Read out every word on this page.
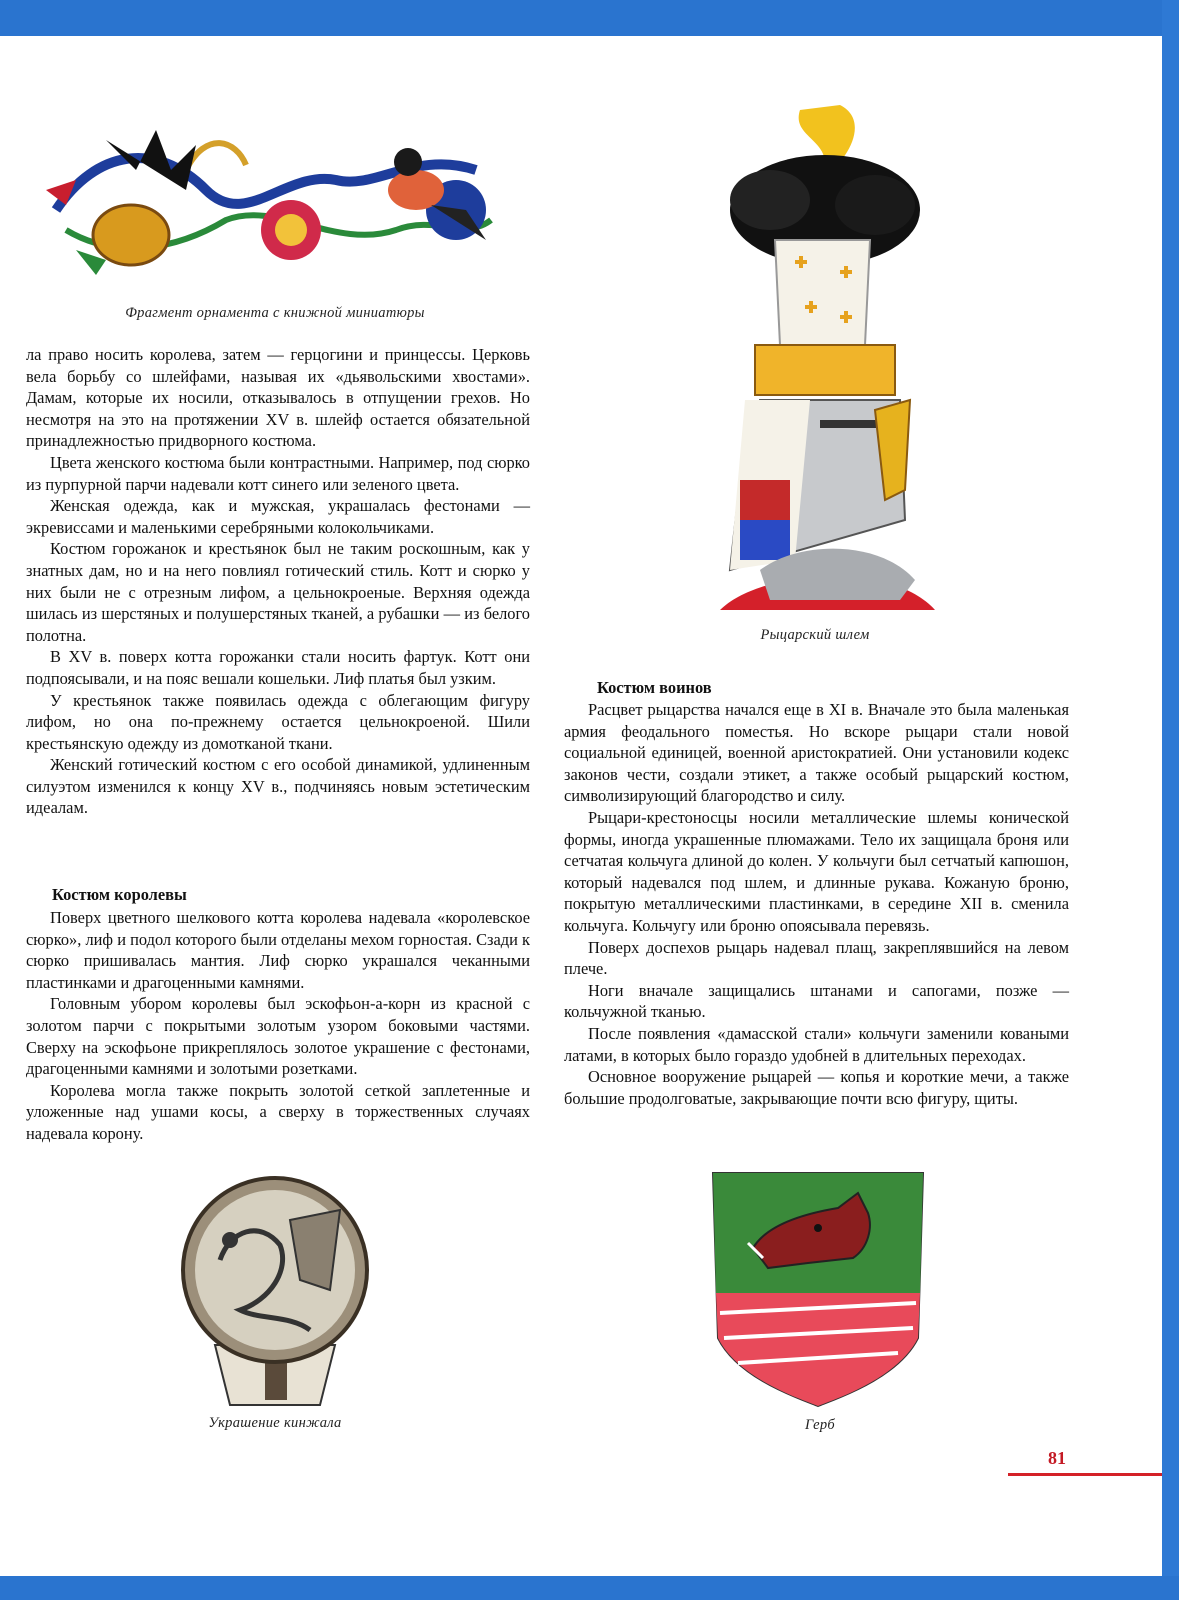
Фрагмент орнамента с книжной миниатюры
Рыцарский шлем

ла право носить королева, затем — герцогини и принцессы. Церковь вела борьбу со шлейфами, называя их «дьявольскими хвостами». Дамам, которые их носили, отказывалось в отпущении грехов. Но несмотря на это на протяжении XV в. шлейф остается обязательной принадлежностью придворного костюма.

Цвета женского костюма были контрастными. Например, под сюрко из пурпурной парчи надевали котт синего или зеленого цвета.

Женская одежда, как и мужская, украшалась фестонами — экревиссами и маленькими серебряными колокольчиками.

Костюм горожанок и крестьянок был не таким роскошным, как у знатных дам, но и на него повлиял готический стиль. Котт и сюрко у них были не с отрезным лифом, а цельнокроеные. Верхняя одежда шилась из шерстяных и полушерстяных тканей, а рубашки — из белого полотна.

В XV в. поверх котта горожанки стали носить фартук. Котт они подпоясывали, и на пояс вешали кошельки. Лиф платья был узким.

У крестьянок также появилась одежда с облегающим фигуру лифом, но она по-прежнему остается цельнокроеной. Шили крестьянскую одежду из домотканой ткани.

Женский готический костюм с его особой динамикой, удлиненным силуэтом изменился к концу XV в., подчиняясь новым эстетическим идеалам.

Костюм королевы

Поверх цветного шелкового котта королева надевала «королевское сюрко», лиф и подол которого были отделаны мехом горностая. Сзади к сюрко пришивалась мантия. Лиф сюрко украшался чеканными пластинками и драгоценными камнями.

Головным убором королевы был эскофьон-а-корн из красной с золотом парчи с покрытыми золотым узором боковыми частями. Сверху на эскофьоне прикреплялось золотое украшение с фестонами, драгоценными камнями и золотыми розетками.

Королева могла также покрыть золотой сеткой заплетенные и уложенные над ушами косы, а сверху в торжественных случаях надевала корону.

Костюм воинов

Расцвет рыцарства начался еще в XI в. Вначале это была маленькая армия феодального поместья. Но вскоре рыцари стали новой социальной единицей, военной аристократией. Они установили кодекс законов чести, создали этикет, а также особый рыцарский костюм, символизирующий благородство и силу.

Рыцари-крестоносцы носили металлические шлемы конической формы, иногда украшенные плюмажами. Тело их защищала броня или сетчатая кольчуга длиной до колен. У кольчуги был сетчатый капюшон, который надевался под шлем, и длинные рукава. Кожаную броню, покрытую металлическими пластинками, в середине XII в. сменила кольчуга. Кольчугу или броню опоясывала перевязь.

Поверх доспехов рыцарь надевал плащ, закреплявшийся на левом плече.

Ноги вначале защищались штанами и сапогами, позже — кольчужной тканью.

После появления «дамасской стали» кольчуги заменили коваными латами, в которых было гораздо удобней в длительных переходах.

Основное вооружение рыцарей — копья и короткие мечи, а также большие продолговатые, закрывающие почти всю фигуру, щиты.

Украшение кинжала	Герб
81
